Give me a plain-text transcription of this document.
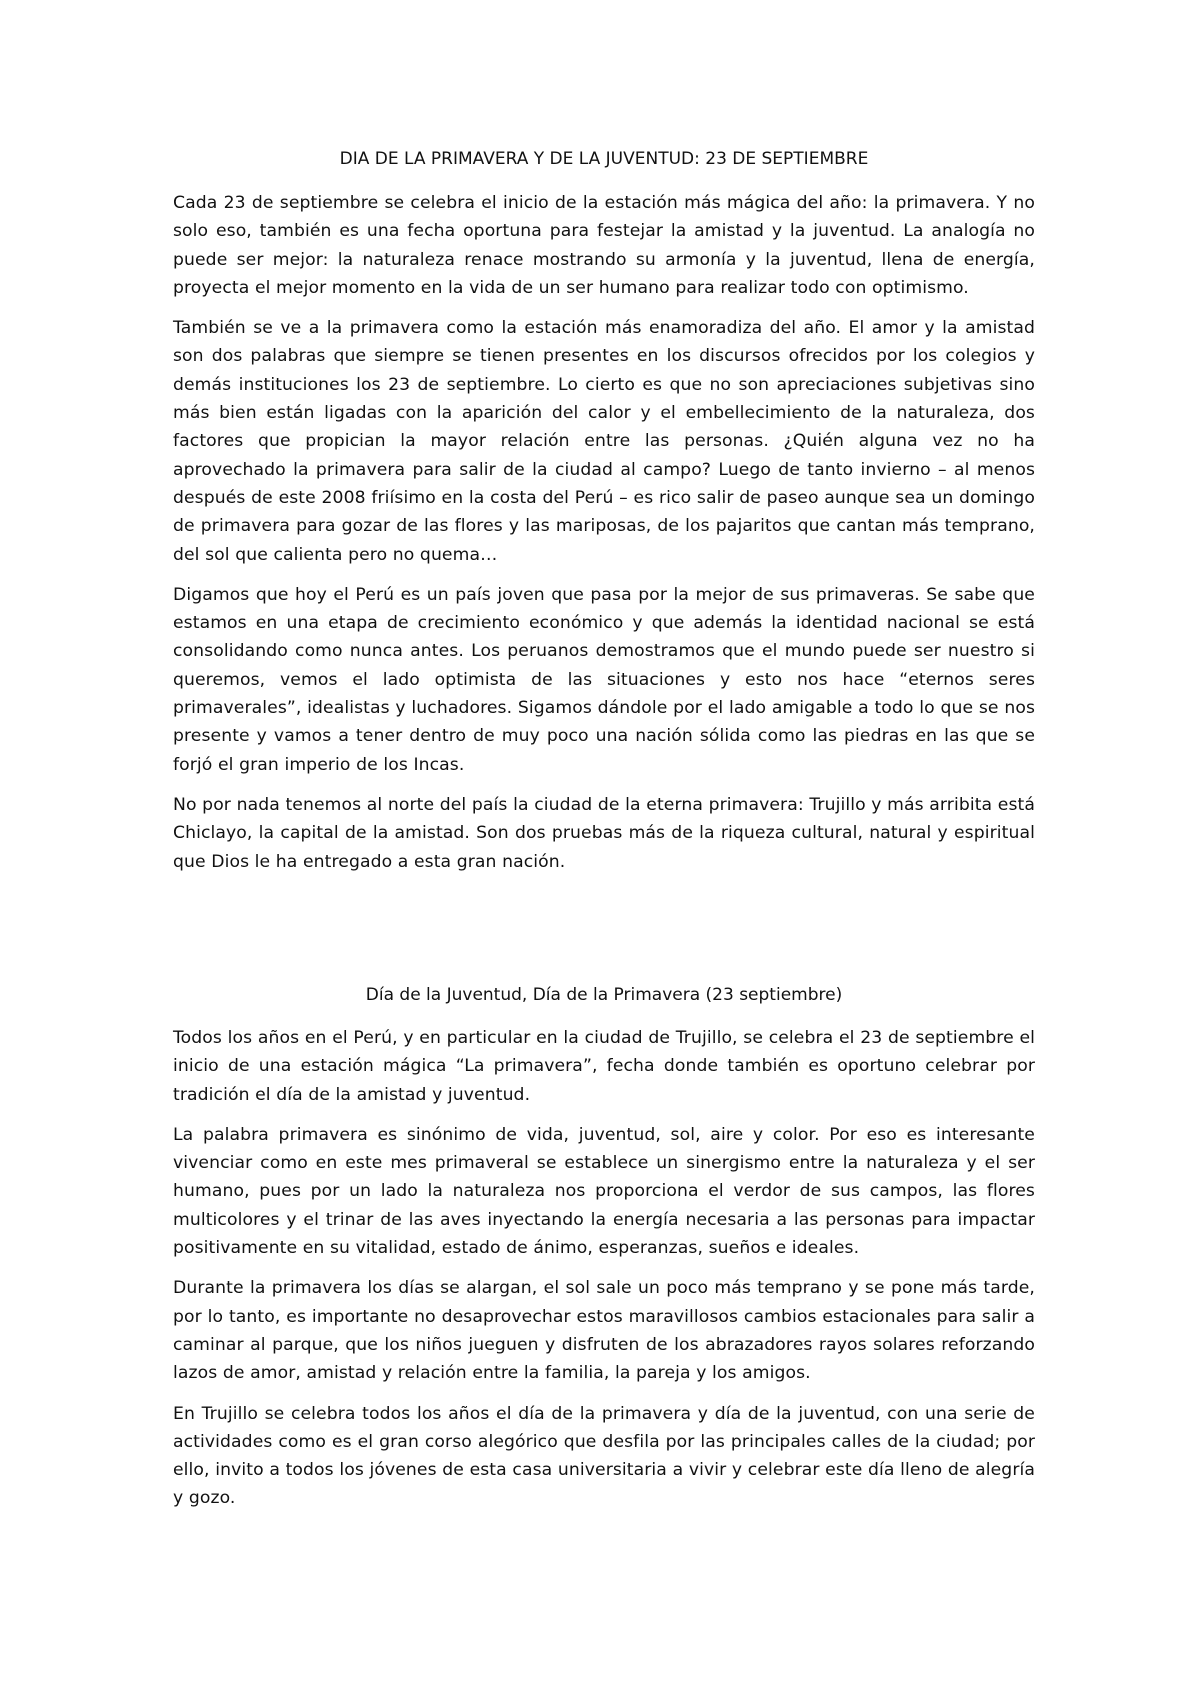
DIA DE LA PRIMAVERA Y DE LA JUVENTUD: 23 DE SEPTIEMBRE

Cada 23 de septiembre se celebra el inicio de la estación más mágica del año: la primavera. Y no solo eso, también es una fecha oportuna para festejar la amistad y la juventud. La analogía no puede ser mejor: la naturaleza renace mostrando su armonía y la juventud, llena de energía, proyecta el mejor momento en la vida de un ser humano para realizar todo con optimismo.

También se ve a la primavera como la estación más enamoradiza del año. El amor y la amistad son dos palabras que siempre se tienen presentes en los discursos ofrecidos por los colegios y demás instituciones los 23 de septiembre. Lo cierto es que no son apreciaciones subjetivas sino más bien están ligadas con la aparición del calor y el embellecimiento de la naturaleza, dos factores que propician la mayor relación entre las personas. ¿Quién alguna vez no ha aprovechado la primavera para salir de la ciudad al campo? Luego de tanto invierno – al menos después de este 2008 friísimo en la costa del Perú – es rico salir de paseo aunque sea un domingo de primavera para gozar de las flores y las mariposas, de los pajaritos que cantan más temprano, del sol que calienta pero no quema…

Digamos que hoy el Perú es un país joven que pasa por la mejor de sus primaveras. Se sabe que estamos en una etapa de crecimiento económico y que además la identidad nacional se está consolidando como nunca antes. Los peruanos demostramos que el mundo puede ser nuestro si queremos, vemos el lado optimista de las situaciones y esto nos hace “eternos seres primaverales”, idealistas y luchadores. Sigamos dándole por el lado amigable a todo lo que se nos presente y vamos a tener dentro de muy poco una nación sólida como las piedras en las que se forjó el gran imperio de los Incas.

No por nada tenemos al norte del país la ciudad de la eterna primavera: Trujillo y más arribita está Chiclayo, la capital de la amistad. Son dos pruebas más de la riqueza cultural, natural y espiritual que Dios le ha entregado a esta gran nación.

Día de la Juventud, Día de la Primavera (23 septiembre)

Todos los años en el Perú, y en particular en la ciudad de Trujillo, se celebra el 23 de septiembre el inicio de una estación mágica “La primavera”, fecha donde también es oportuno celebrar por tradición el día de la amistad y juventud.

La palabra primavera es sinónimo de vida, juventud, sol, aire y color. Por eso es interesante vivenciar como en este mes primaveral se establece un sinergismo entre la naturaleza y el ser humano, pues por un lado la naturaleza nos proporciona el verdor de sus campos, las flores multicolores y el trinar de las aves inyectando la energía necesaria a las personas para impactar positivamente en su vitalidad, estado de ánimo, esperanzas, sueños e ideales.

Durante la primavera los días se alargan, el sol sale un poco más temprano y se pone más tarde, por lo tanto, es importante no desaprovechar estos maravillosos cambios estacionales para salir a caminar al parque, que los niños jueguen y disfruten de los abrazadores rayos solares reforzando lazos de amor, amistad y relación entre la familia, la pareja y los amigos.

En Trujillo se celebra todos los años el día de la primavera y día de la juventud, con una serie de actividades como es el gran corso alegórico que desfila por las principales calles de la ciudad; por ello, invito a todos los jóvenes de esta casa universitaria a vivir y celebrar este día lleno de alegría y gozo.
